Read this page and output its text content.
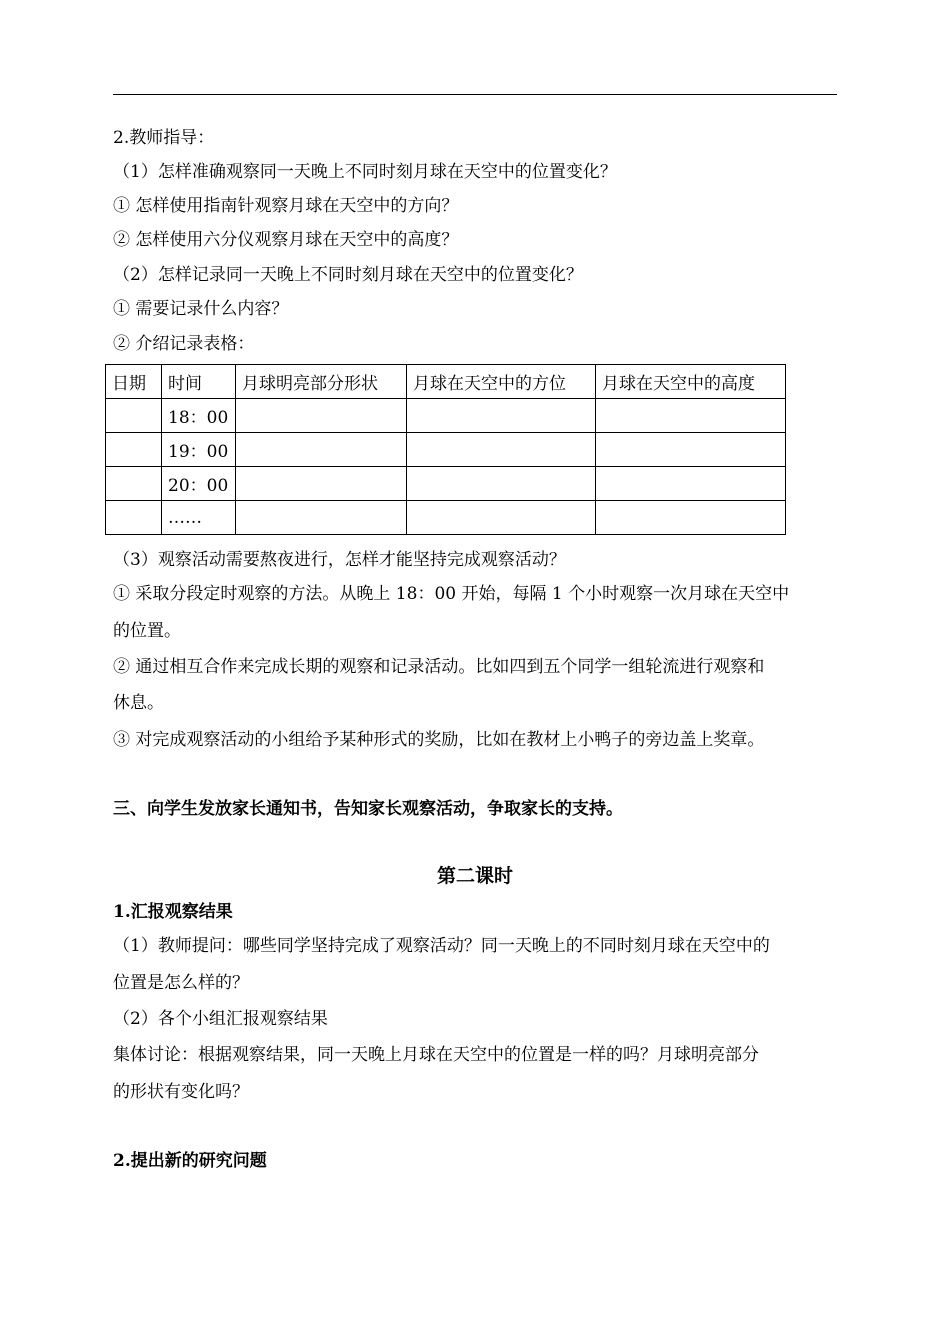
2.教师指导：
（1）怎样准确观察同一天晚上不同时刻月球在天空中的位置变化？
① 怎样使用指南针观察月球在天空中的方向？
② 怎样使用六分仪观察月球在天空中的高度？
（2）怎样记录同一天晚上不同时刻月球在天空中的位置变化？
① 需要记录什么内容？
② 介绍记录表格：
日期	时间	月球明亮部分形状	月球在天空中的方位	月球在天空中的高度
	18：00			
	19：00			
	20：00			
	……			
（3）观察活动需要熬夜进行，怎样才能坚持完成观察活动？
① 采取分段定时观察的方法。从晚上 18：00 开始，每隔 1 个小时观察一次月球在天空中
的位置。
② 通过相互合作来完成长期的观察和记录活动。比如四到五个同学一组轮流进行观察和
休息。
③ 对完成观察活动的小组给予某种形式的奖励，比如在教材上小鸭子的旁边盖上奖章。
三、向学生发放家长通知书，告知家长观察活动，争取家长的支持。
第二课时
1.汇报观察结果
（1）教师提问：哪些同学坚持完成了观察活动？同一天晚上的不同时刻月球在天空中的
位置是怎么样的？
（2）各个小组汇报观察结果
集体讨论：根据观察结果，同一天晚上月球在天空中的位置是一样的吗？月球明亮部分
的形状有变化吗？
2.提出新的研究问题
